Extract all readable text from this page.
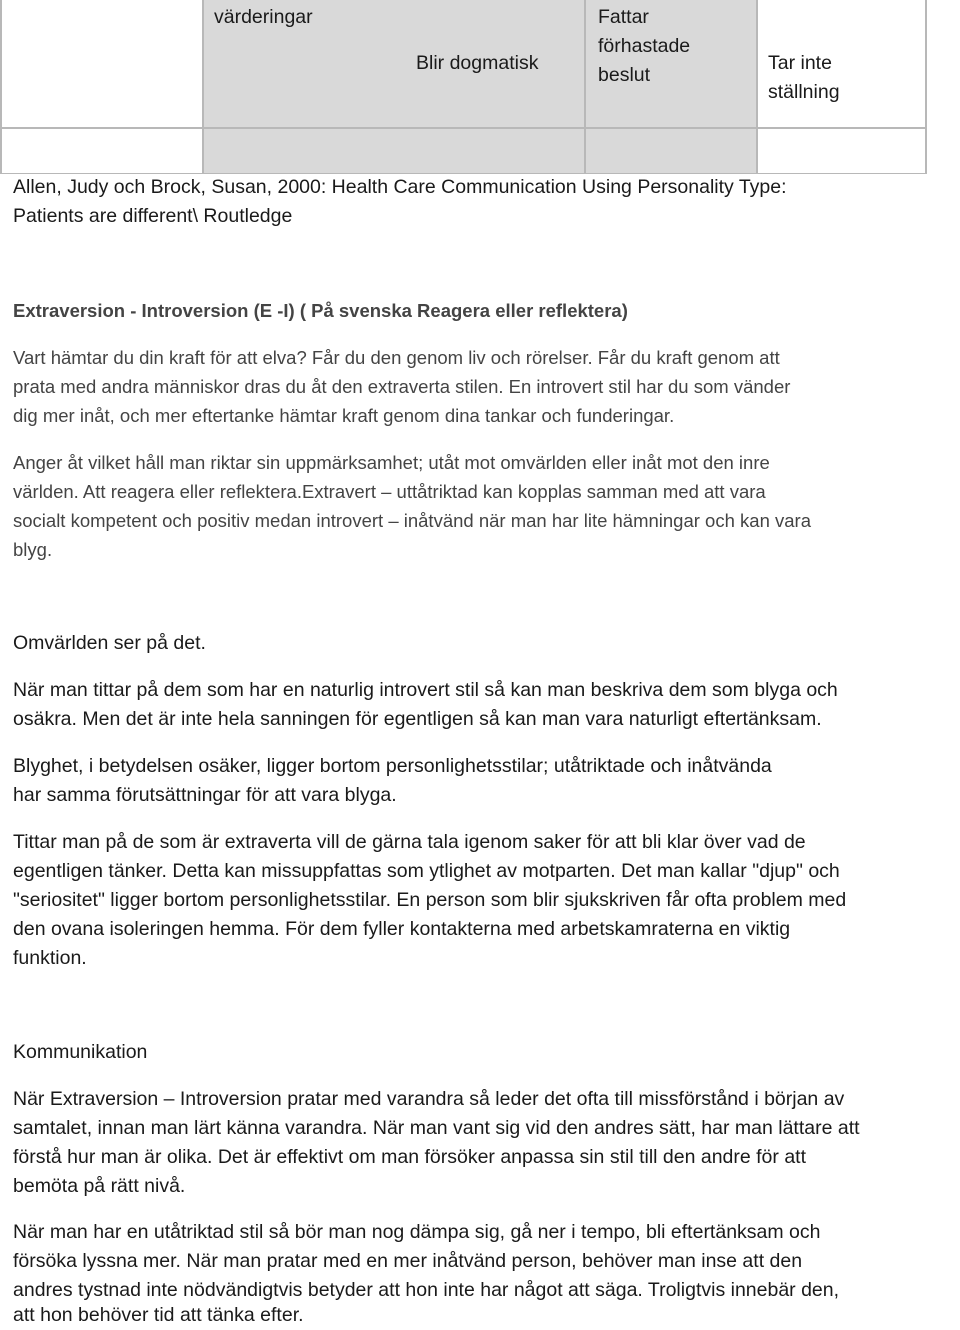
värderingar
Blir dogmatisk
Fattar
förhastade
beslut
Tar inte
ställning

Allen, Judy och Brock, Susan, 2000: Health Care Communication Using Personality Type:

Patients are different\ Routledge

Extraversion - Introversion (E -I) ( På svenska Reagera eller reflektera)

Vart hämtar du din kraft för att elva? Får du den genom liv och rörelser. Får du kraft genom att

prata med andra människor dras du åt den extraverta stilen. En introvert stil har du som vänder

dig mer inåt, och mer eftertanke hämtar kraft genom dina tankar och funderingar.

Anger åt vilket håll man riktar sin uppmärksamhet; utåt mot omvärlden eller inåt mot den inre

världen. Att reagera eller reflektera.Extravert – uttåtriktad kan kopplas samman med att vara

socialt kompetent och positiv medan introvert – inåtvänd när man har lite hämningar och kan vara

blyg.

Omvärlden ser på det.

När man tittar på dem som har en naturlig introvert stil så kan man beskriva dem som blyga och

osäkra. Men det är inte hela sanningen för egentligen så kan man vara naturligt eftertänksam.

Blyghet, i betydelsen osäker, ligger bortom personlighetsstilar; utåtriktade och inåtvända

har samma förutsättningar för att vara blyga.

Tittar man på de som är extraverta vill de gärna tala igenom saker för att bli klar över vad de

egentligen tänker. Detta kan missuppfattas som ytlighet av motparten. Det man kallar "djup" och

"seriositet" ligger bortom personlighetsstilar. En person som blir sjukskriven får ofta problem med

den ovana isoleringen hemma. För dem fyller kontakterna med arbetskamraterna en viktig

funktion.

Kommunikation

När Extraversion – Introversion pratar med varandra så leder det ofta till missförstånd i början av

samtalet, innan man lärt känna varandra. När man vant sig vid den andres sätt, har man lättare att

förstå hur man är olika. Det är effektivt om man försöker anpassa sin stil till den andre för att

bemöta på rätt nivå.

När man har en utåtriktad stil så bör man nog dämpa sig, gå ner i tempo, bli eftertänksam och

försöka lyssna mer. När man pratar med en mer inåtvänd person, behöver man inse att den

andres tystnad inte nödvändigtvis betyder att hon inte har något att säga. Troligtvis innebär den,

att hon behöver tid att tänka efter.
